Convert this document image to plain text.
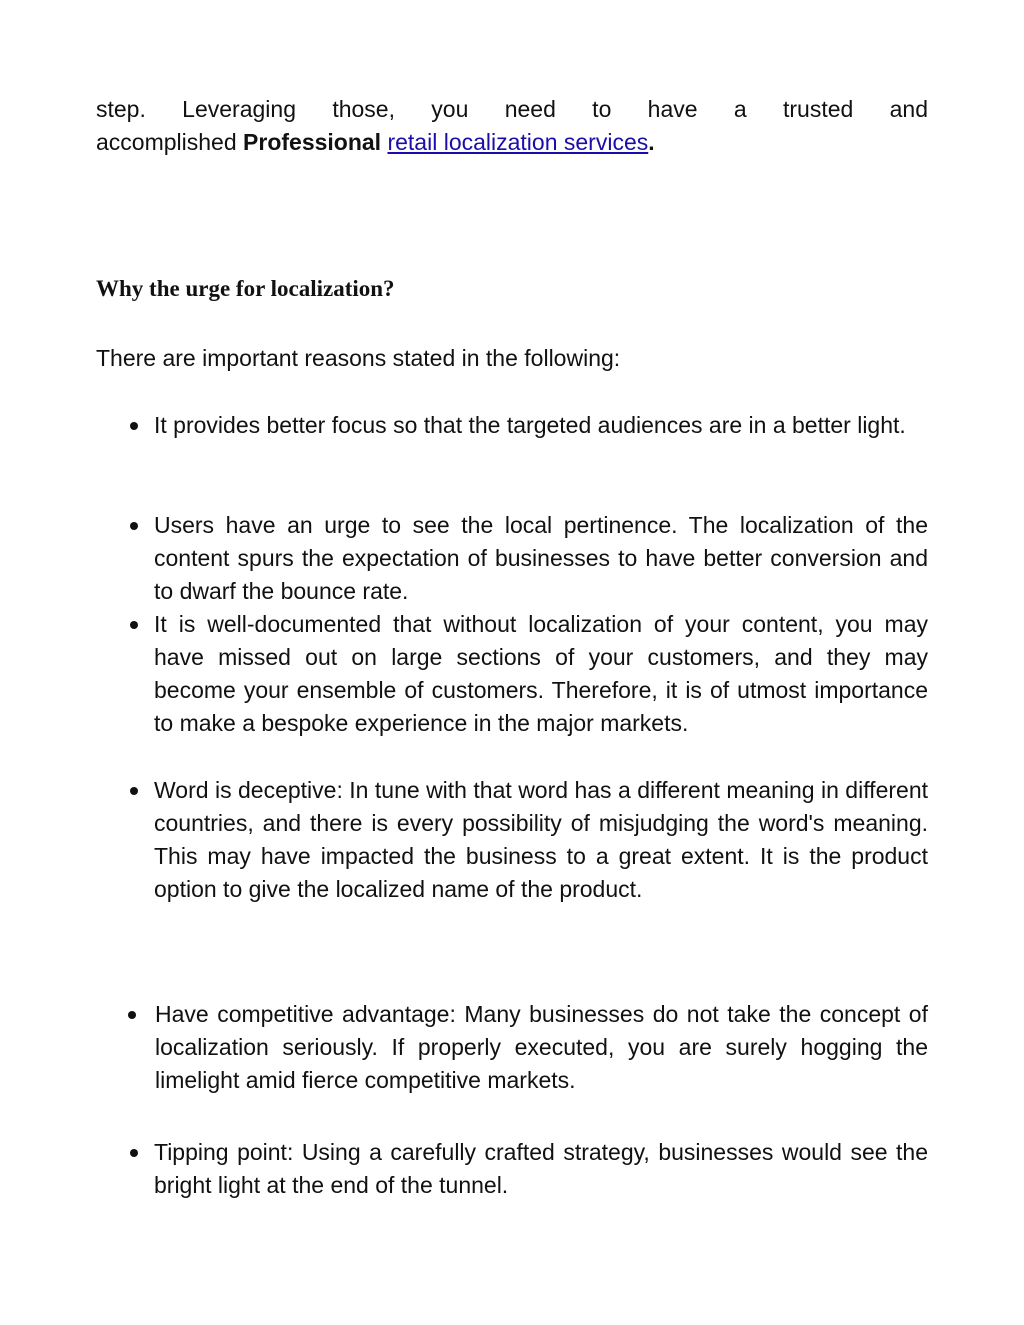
step. Leveraging those, you need to have a trusted and
accomplished Professional retail localization services.

Why the urge for localization?

There are important reasons stated in the following:

It provides better focus so that the targeted audiences are in a better light.

Users have an urge to see the local pertinence. The localization of the content spurs the expectation of businesses to have better conversion and to dwarf the bounce rate.

It is well-documented that without localization of your content, you may have missed out on large sections of your customers, and they may become your ensemble of customers. Therefore, it is of utmost importance to make a bespoke experience in the major markets.

Word is deceptive: In tune with that word has a different meaning in different countries, and there is every possibility of misjudging the word's meaning. This may have impacted the business to a great extent. It is the product option to give the localized name of the product.

Have competitive advantage: Many businesses do not take the concept of localization seriously. If properly executed, you are surely hogging the limelight amid fierce competitive markets.

Tipping point: Using a carefully crafted strategy, businesses would see the bright light at the end of the tunnel.
